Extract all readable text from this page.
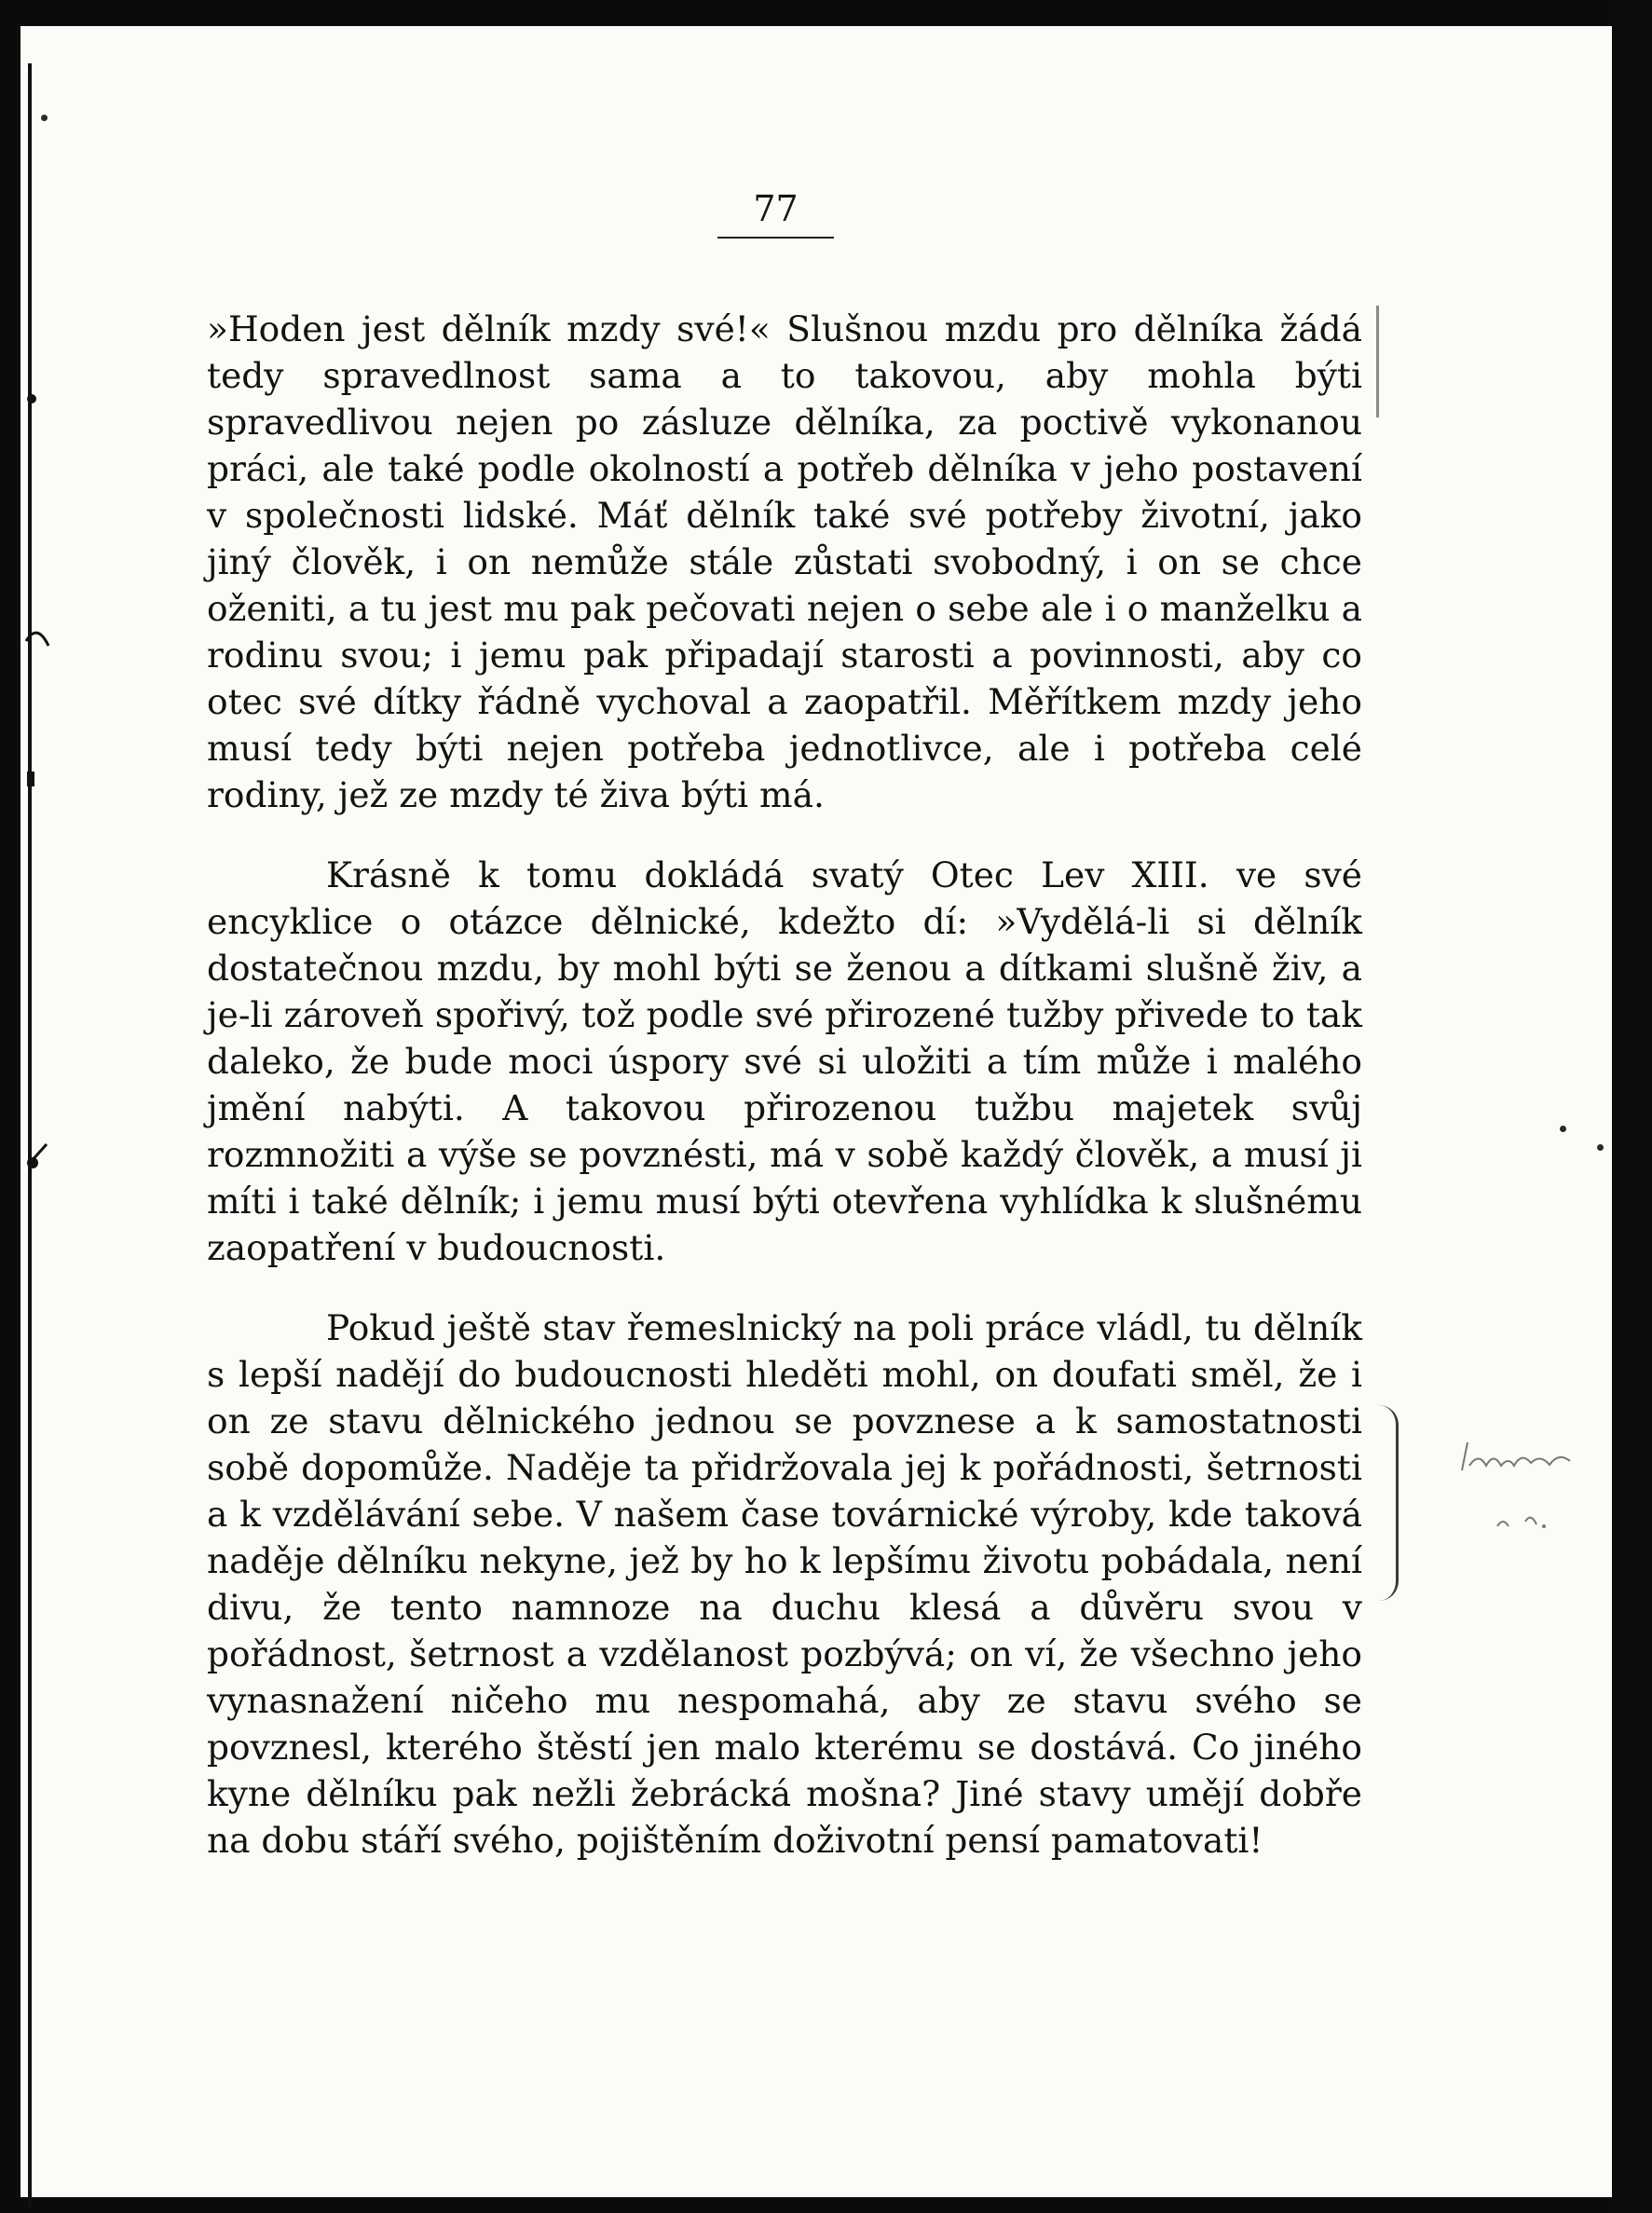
77

»Hoden jest dělník mzdy své!« Slušnou mzdu pro dělníka žádá tedy spravedlnost sama a to takovou, aby mohla býti spravedlivou nejen po zásluze dělníka, za poctivě vykonanou práci, ale také podle okolností a potřeb dělníka v jeho postavení v společnosti lidské. Máť dělník také své potřeby životní, jako jiný člověk, i on nemůže stále zůstati svobodný, i on se chce oženiti, a tu jest mu pak pečovati nejen o sebe ale i o manželku a rodinu svou; i jemu pak připadají starosti a povinnosti, aby co otec své dítky řádně vychoval a zaopatřil. Měřítkem mzdy jeho musí tedy býti nejen potřeba jednotlivce, ale i potřeba celé rodiny, jež ze mzdy té živa býti má.

Krásně k tomu dokládá svatý Otec Lev XIII. ve své encyklice o otázce dělnické, kdežto dí: »Vydělá-li si dělník dostatečnou mzdu, by mohl býti se ženou a dítkami slušně živ, a je-li zároveň spořivý, tož podle své přirozené tužby přivede to tak daleko, že bude moci úspory své si uložiti a tím může i malého jmění nabýti. A takovou přirozenou tužbu majetek svůj rozmnožiti a výše se povznésti, má v sobě každý člověk, a musí ji míti i také dělník; i jemu musí býti otevřena vyhlídka k slušnému zaopatření v budoucnosti.

Pokud ještě stav řemeslnický na poli práce vládl, tu dělník s lepší nadějí do budoucnosti hleděti mohl, on doufati směl, že i on ze stavu dělnického jednou se povznese a k samostatnosti sobě dopomůže. Naděje ta přidržovala jej k pořádnosti, šetrnosti a k vzdělávání sebe. V našem čase továrnické výroby, kde taková naděje dělníku nekyne, jež by ho k lepšímu životu pobádala, není divu, že tento namnoze na duchu klesá a důvěru svou v pořádnost, šetrnost a vzdělanost pozbývá; on ví, že všechno jeho vynasnažení ničeho mu nespomahá, aby ze stavu svého se povznesl, kterého štěstí jen malo kterému se dostává. Co jiného kyne dělníku pak nežli žebrácká mošna? Jiné stavy umějí dobře na dobu stáří svého, pojištěním doživotní pensí pamatovati!
